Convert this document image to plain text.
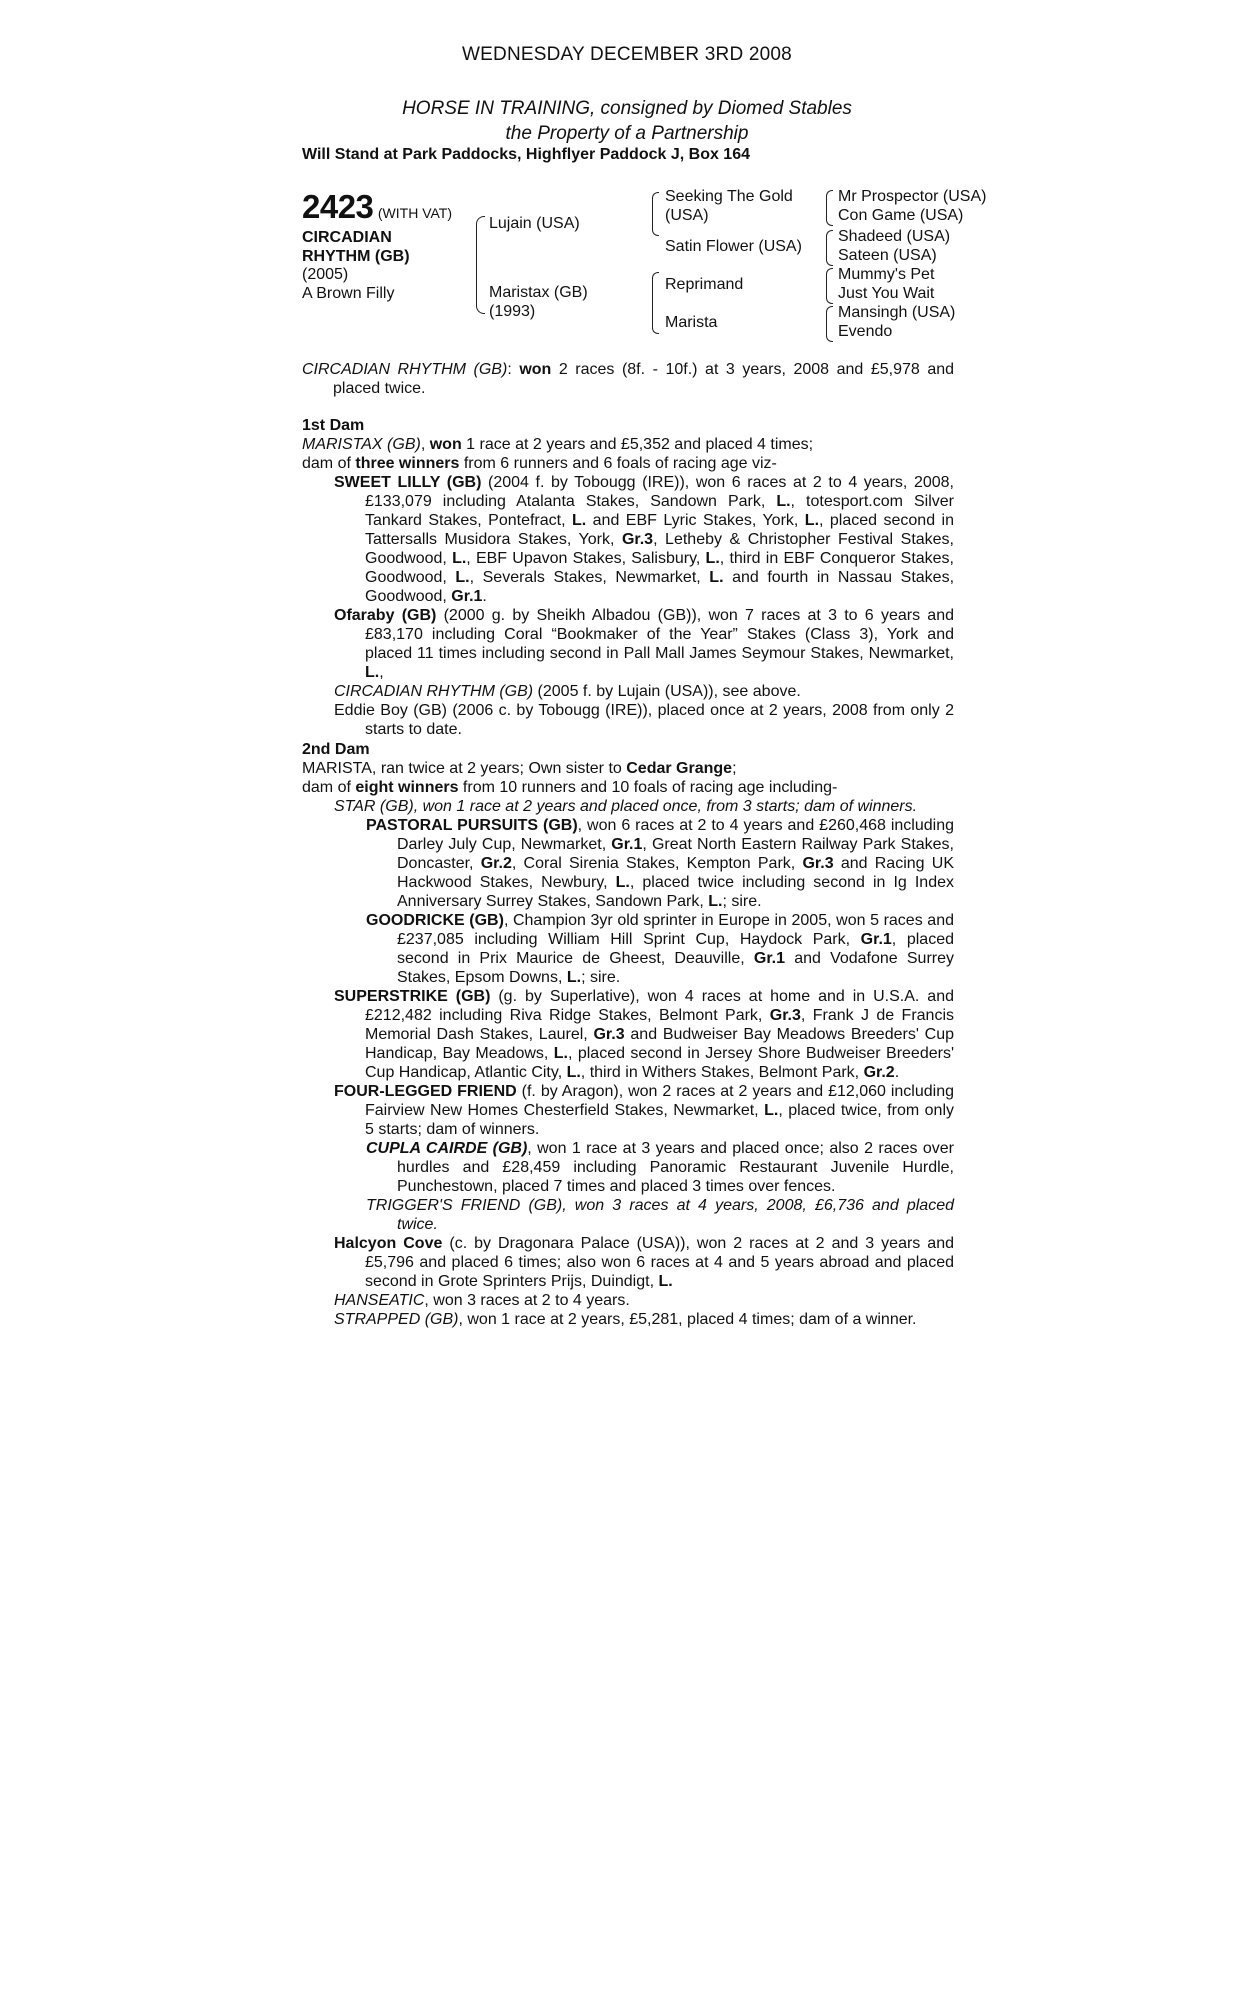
WEDNESDAY DECEMBER 3RD 2008
HORSE IN TRAINING, consigned by Diomed Stables
the Property of a Partnership
Will Stand at Park Paddocks, Highflyer Paddock J, Box 164
2423 (WITH VAT)
CIRCADIAN
RHYTHM (GB)
(2005)
A Brown Filly
Lujain (USA)
Maristax (GB)
(1993)
Seeking The Gold
(USA)
Satin Flower (USA)
Reprimand
Marista
Mr Prospector (USA)
Con Game (USA)
Shadeed (USA)
Sateen (USA)
Mummy's Pet
Just You Wait
Mansingh (USA)
Evendo

CIRCADIAN RHYTHM (GB): won 2 races (8f. - 10f.) at 3 years, 2008 and £5,978 and placed twice.

1st Dam

MARISTAX (GB), won 1 race at 2 years and £5,352 and placed 4 times;

dam of three winners from 6 runners and 6 foals of racing age viz-

SWEET LILLY (GB) (2004 f. by Tobougg (IRE)), won 6 races at 2 to 4 years, 2008, £133,079 including Atalanta Stakes, Sandown Park, L., totesport.com Silver Tankard Stakes, Pontefract, L. and EBF Lyric Stakes, York, L., placed second in Tattersalls Musidora Stakes, York, Gr.3, Letheby & Christopher Festival Stakes, Goodwood, L., EBF Upavon Stakes, Salisbury, L., third in EBF Conqueror Stakes, Goodwood, L., Severals Stakes, Newmarket, L. and fourth in Nassau Stakes, Goodwood, Gr.1.

Ofaraby (GB) (2000 g. by Sheikh Albadou (GB)), won 7 races at 3 to 6 years and £83,170 including Coral “Bookmaker of the Year” Stakes (Class 3), York and placed 11 times including second in Pall Mall James Seymour Stakes, Newmarket, L.,

CIRCADIAN RHYTHM (GB) (2005 f. by Lujain (USA)), see above.

Eddie Boy (GB) (2006 c. by Tobougg (IRE)), placed once at 2 years, 2008 from only 2 starts to date.

2nd Dam

MARISTA, ran twice at 2 years; Own sister to Cedar Grange;

dam of eight winners from 10 runners and 10 foals of racing age including-

STAR (GB), won 1 race at 2 years and placed once, from 3 starts; dam of winners.

PASTORAL PURSUITS (GB), won 6 races at 2 to 4 years and £260,468 including Darley July Cup, Newmarket, Gr.1, Great North Eastern Railway Park Stakes, Doncaster, Gr.2, Coral Sirenia Stakes, Kempton Park, Gr.3 and Racing UK Hackwood Stakes, Newbury, L., placed twice including second in Ig Index Anniversary Surrey Stakes, Sandown Park, L.; sire.

GOODRICKE (GB), Champion 3yr old sprinter in Europe in 2005, won 5 races and £237,085 including William Hill Sprint Cup, Haydock Park, Gr.1, placed second in Prix Maurice de Gheest, Deauville, Gr.1 and Vodafone Surrey Stakes, Epsom Downs, L.; sire.

SUPERSTRIKE (GB) (g. by Superlative), won 4 races at home and in U.S.A. and £212,482 including Riva Ridge Stakes, Belmont Park, Gr.3, Frank J de Francis Memorial Dash Stakes, Laurel, Gr.3 and Budweiser Bay Meadows Breeders' Cup Handicap, Bay Meadows, L., placed second in Jersey Shore Budweiser Breeders' Cup Handicap, Atlantic City, L., third in Withers Stakes, Belmont Park, Gr.2.

FOUR-LEGGED FRIEND (f. by Aragon), won 2 races at 2 years and £12,060 including Fairview New Homes Chesterfield Stakes, Newmarket, L., placed twice, from only 5 starts; dam of winners.

CUPLA CAIRDE (GB), won 1 race at 3 years and placed once; also 2 races over hurdles and £28,459 including Panoramic Restaurant Juvenile Hurdle, Punchestown, placed 7 times and placed 3 times over fences.

TRIGGER'S FRIEND (GB), won 3 races at 4 years, 2008, £6,736 and placed twice.

Halcyon Cove (c. by Dragonara Palace (USA)), won 2 races at 2 and 3 years and £5,796 and placed 6 times; also won 6 races at 4 and 5 years abroad and placed second in Grote Sprinters Prijs, Duindigt, L.

HANSEATIC, won 3 races at 2 to 4 years.

STRAPPED (GB), won 1 race at 2 years, £5,281, placed 4 times; dam of a winner.
